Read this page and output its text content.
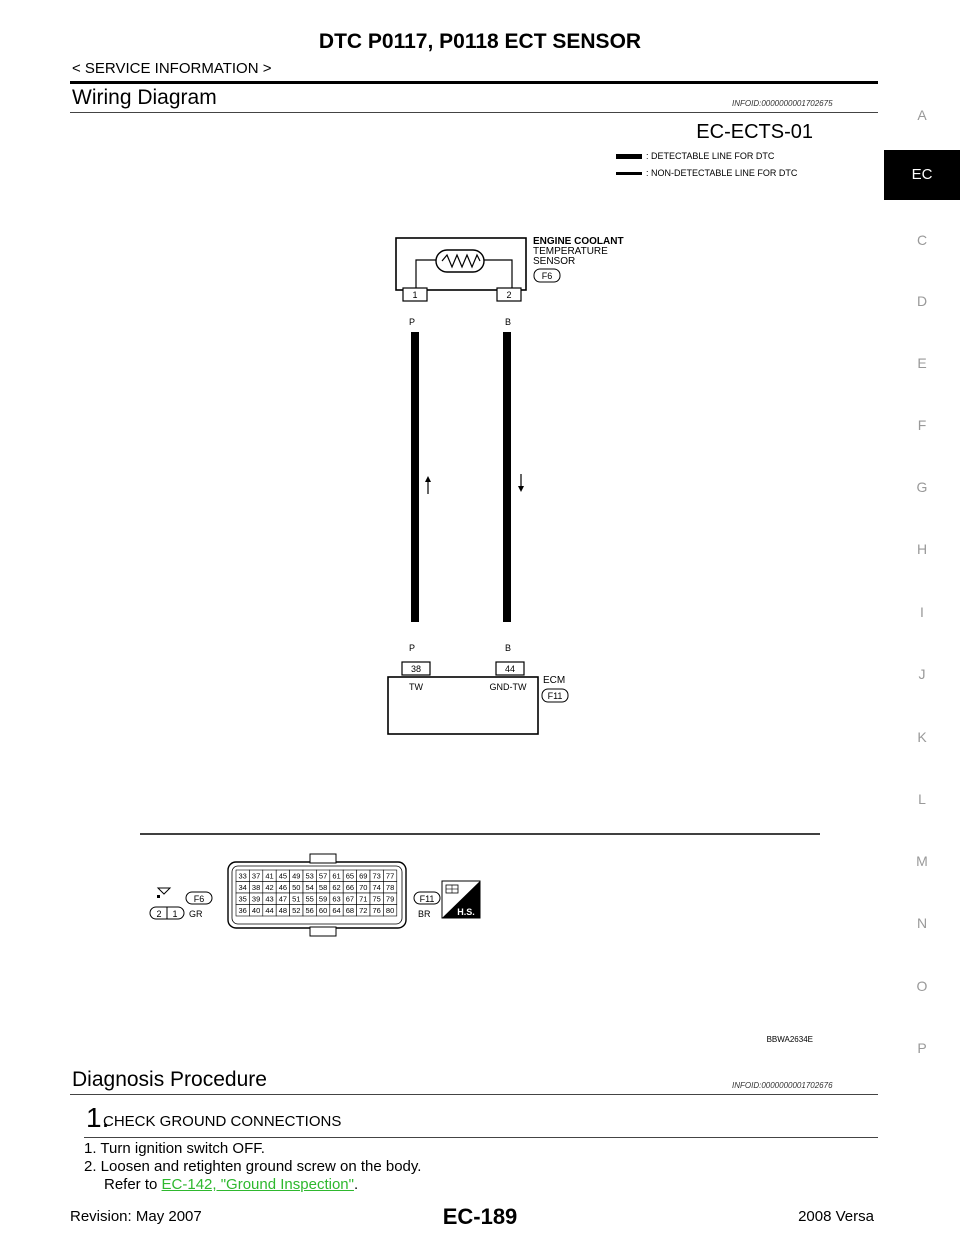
DTC P0117, P0118 ECT SENSOR
< SERVICE INFORMATION >
Wiring Diagram	INFOID:0000000001702675
A
EC
C
D
E
F
G
H
I
J
K
L
M
N
O
P
EC-ECTS-01
: DETECTABLE LINE FOR DTC
: NON-DETECTABLE LINE FOR DTC
1	2
ENGINE COOLANT
TEMPERATURE
SENSOR
F6
P	B
P	B
38	44
TW	GND-TW
ECM
F11
2 1
F6
GR
33 37 41 45 49 53 57 61 65 69 73 77
34 38 42 46 50 54 58 62 66 70 74 78
35 39 43 47 51 55 59 63 67 71 75 79
36 40 44 48 52 56 60 64 68 72 76 80
F11
BR	H.S.
BBWA2634E
Diagnosis Procedure	INFOID:0000000001702676
1.
CHECK GROUND CONNECTIONS
1. Turn ignition switch OFF.
2. Loosen and retighten ground screw on the body.
Refer to EC-142, "Ground Inspection".
Revision: May 2007	EC-189	2008 Versa
